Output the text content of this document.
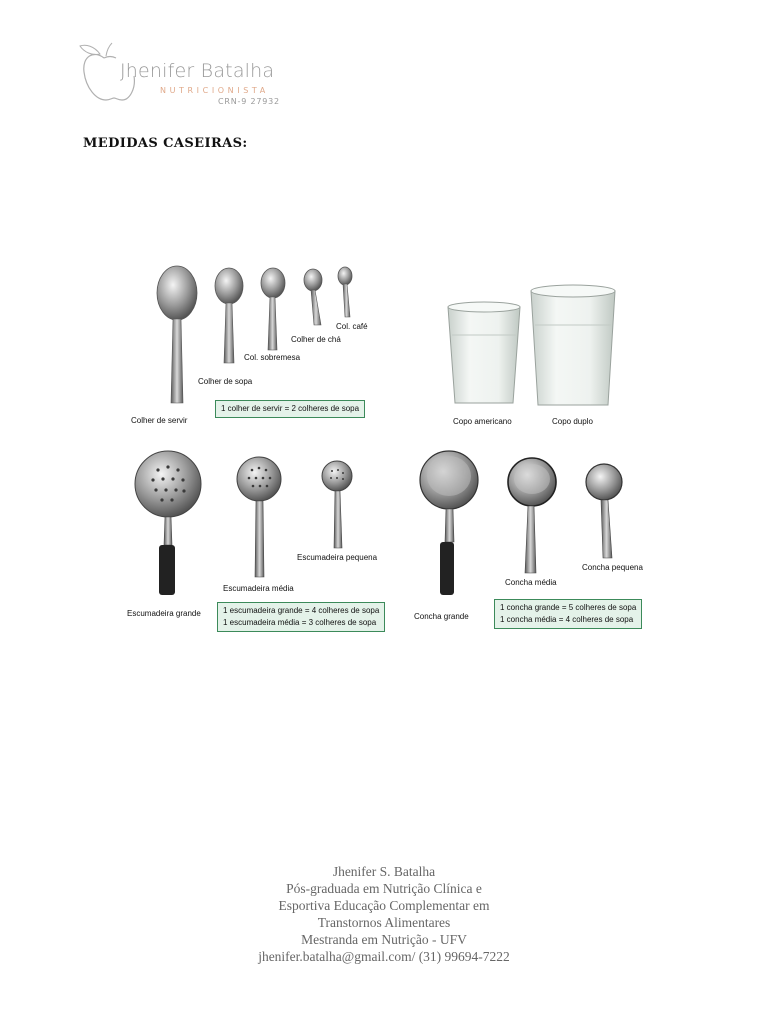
Jhenifer Batalha
NUTRICIONISTA
CRN-9 27932
MEDIDAS CASEIRAS:
Colher de servir
Colher de sopa
Col. sobremesa
Colher de chá
Col. café
1 colher de servir = 2 colheres de sopa
Copo americano	Copo duplo
Escumadeira grande
Escumadeira média
Escumadeira pequena
1 escumadeira grande = 4 colheres de sopa
1 escumadeira média = 3 colheres de sopa
Concha grande
Concha média
Concha pequena
1 concha grande = 5 colheres de sopa
1 concha média = 4 colheres de sopa
Jhenifer S. Batalha
Pós-graduada em Nutrição Clínica e
Esportiva Educação Complementar em
Transtornos Alimentares
Mestranda em Nutrição - UFV
jhenifer.batalha@gmail.com/ (31) 99694-7222
